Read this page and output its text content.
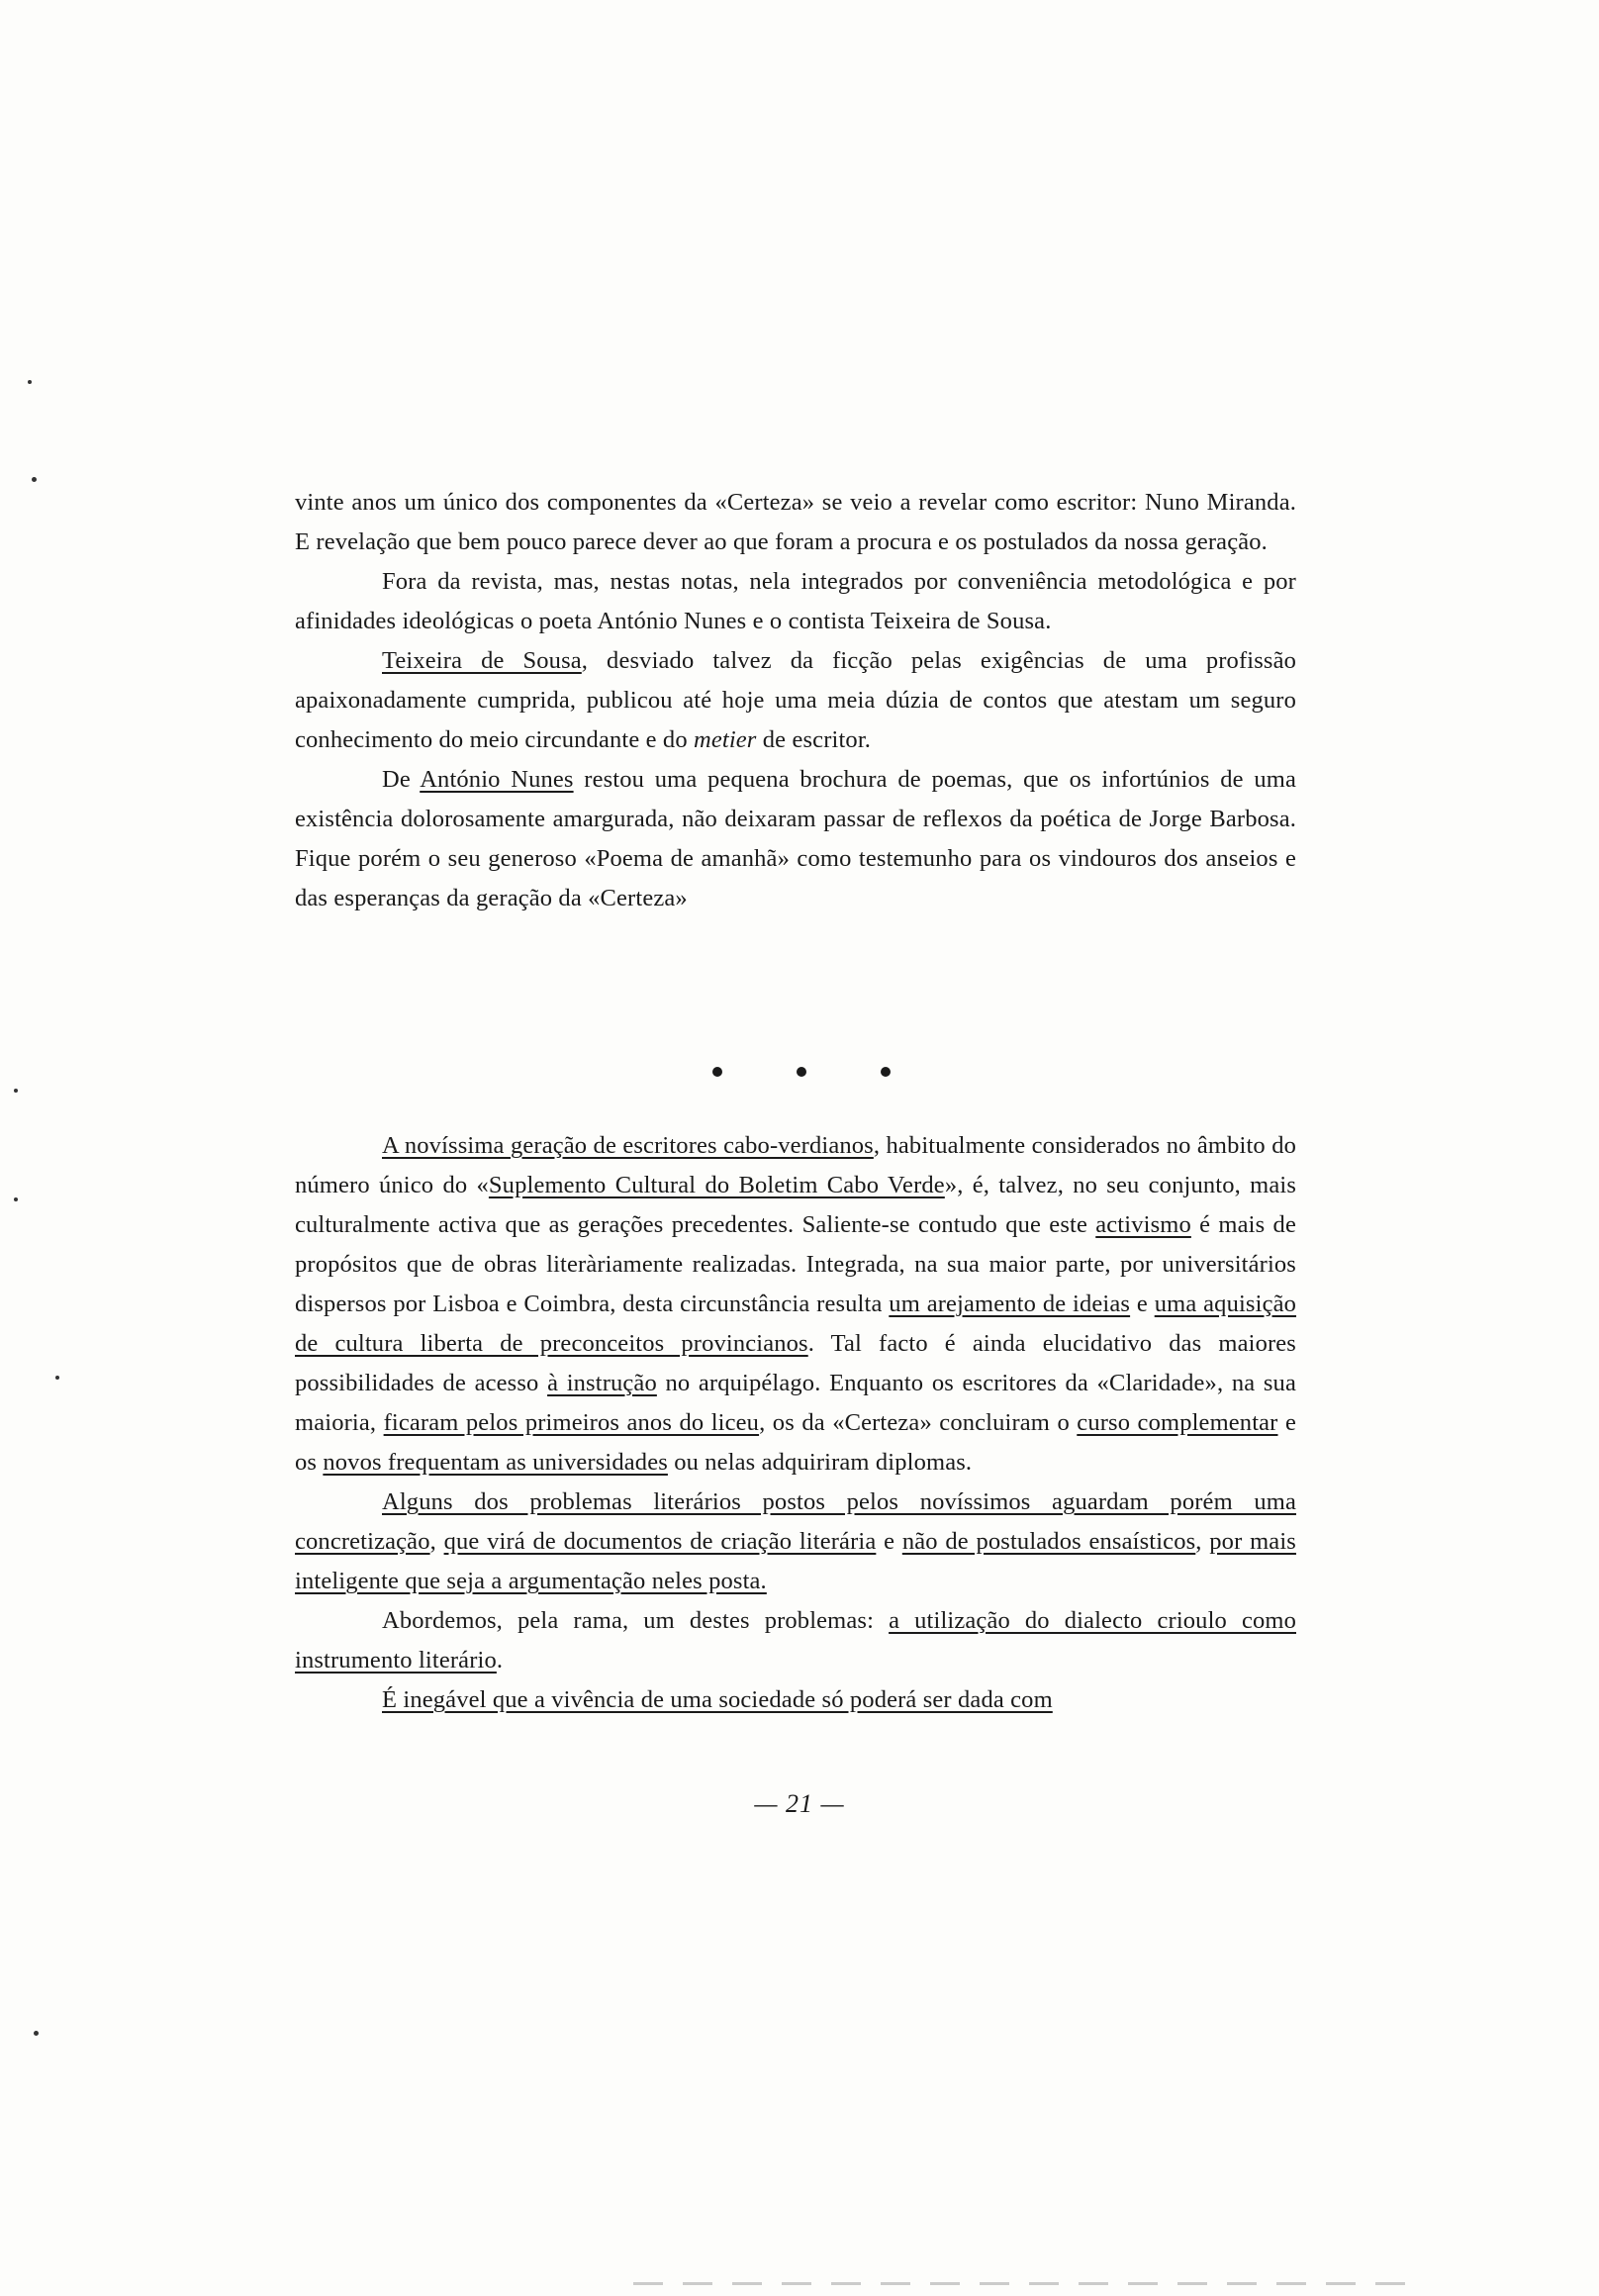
vinte anos um único dos componentes da «Certeza» se veio a revelar como escritor: Nuno Miranda. E revelação que bem pouco parece dever ao que foram a procura e os postulados da nossa geração.

Fora da revista, mas, nestas notas, nela integrados por conveniência metodológica e por afinidades ideológicas o poeta António Nunes e o contista Teixeira de Sousa.

Teixeira de Sousa, desviado talvez da ficção pelas exigências de uma profissão apaixonadamente cumprida, publicou até hoje uma meia dúzia de contos que atestam um seguro conhecimento do meio circundante e do metier de escritor.

De António Nunes restou uma pequena brochura de poemas, que os infortúnios de uma existência dolorosamente amargurada, não deixaram passar de reflexos da poética de Jorge Barbosa. Fique porém o seu generoso «Poema de amanhã» como testemunho para os vindouros dos anseios e das esperanças da geração da «Certeza»

A novíssima geração de escritores cabo-verdianos, habitualmente considerados no âmbito do número único do «Suplemento Cultural do Boletim Cabo Verde», é, talvez, no seu conjunto, mais culturalmente activa que as gerações precedentes. Saliente-se contudo que este activismo é mais de propósitos que de obras literàriamente realizadas. Integrada, na sua maior parte, por universitários dispersos por Lisboa e Coimbra, desta circunstância resulta um arejamento de ideias e uma aquisição de cultura liberta de preconceitos provincianos. Tal facto é ainda elucidativo das maiores possibilidades de acesso à instrução no arquipélago. Enquanto os escritores da «Claridade», na sua maioria, ficaram pelos primeiros anos do liceu, os da «Certeza» concluiram o curso complementar e os novos frequentam as universidades ou nelas adquiriram diplomas.

Alguns dos problemas literários postos pelos novíssimos aguardam porém uma concretização, que virá de documentos de criação literária e não de postulados ensaísticos, por mais inteligente que seja a argumentação neles posta.

Abordemos, pela rama, um destes problemas: a utilização do dialecto crioulo como instrumento literário.

É inegável que a vivência de uma sociedade só poderá ser dada com

— 21 —
